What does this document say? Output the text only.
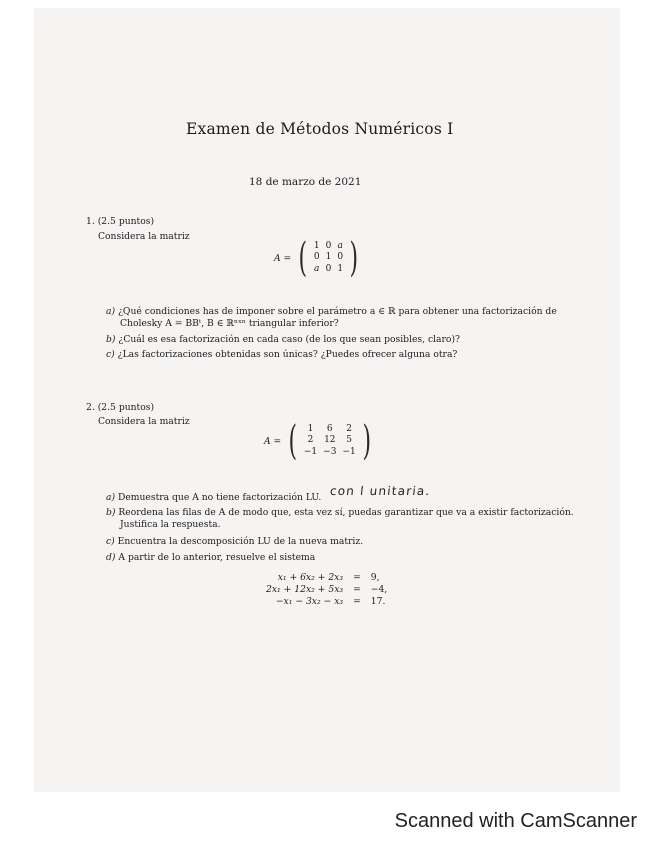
Examen de Métodos Numéricos I
18 de marzo de 2021
1. (2.5 puntos)
Considera la matriz
A = ( 1	0	a
0	1	0
a	0	1 )
a) ¿Qué condiciones has de imponer sobre el parámetro a ∈ ℝ para obtener una factorización de
Cholesky A = BBᵗ, B ∈ ℝⁿˣⁿ triangular inferior?
b) ¿Cuál es esa factorización en cada caso (de los que sean posibles, claro)?
c) ¿Las factorizaciones obtenidas son únicas? ¿Puedes ofrecer alguna otra?
2. (2.5 puntos)
Considera la matriz
A = ( 1	6	2
2	12	5
−1	−3	−1 )
a) Demuestra que A no tiene factorización LU. con l unitaria.
b) Reordena las filas de A de modo que, esta vez sí, puedas garantizar que va a existir factorización.
Justifica la respuesta.
c) Encuentra la descomposición LU de la nueva matriz.
d) A partir de lo anterior, resuelve el sistema
x₁ + 6x₂ + 2x₃	=	9,
2x₁ + 12x₂ + 5x₃	=	−4,
−x₁ − 3x₂ − x₃	=	17.
Scanned with CamScanner
